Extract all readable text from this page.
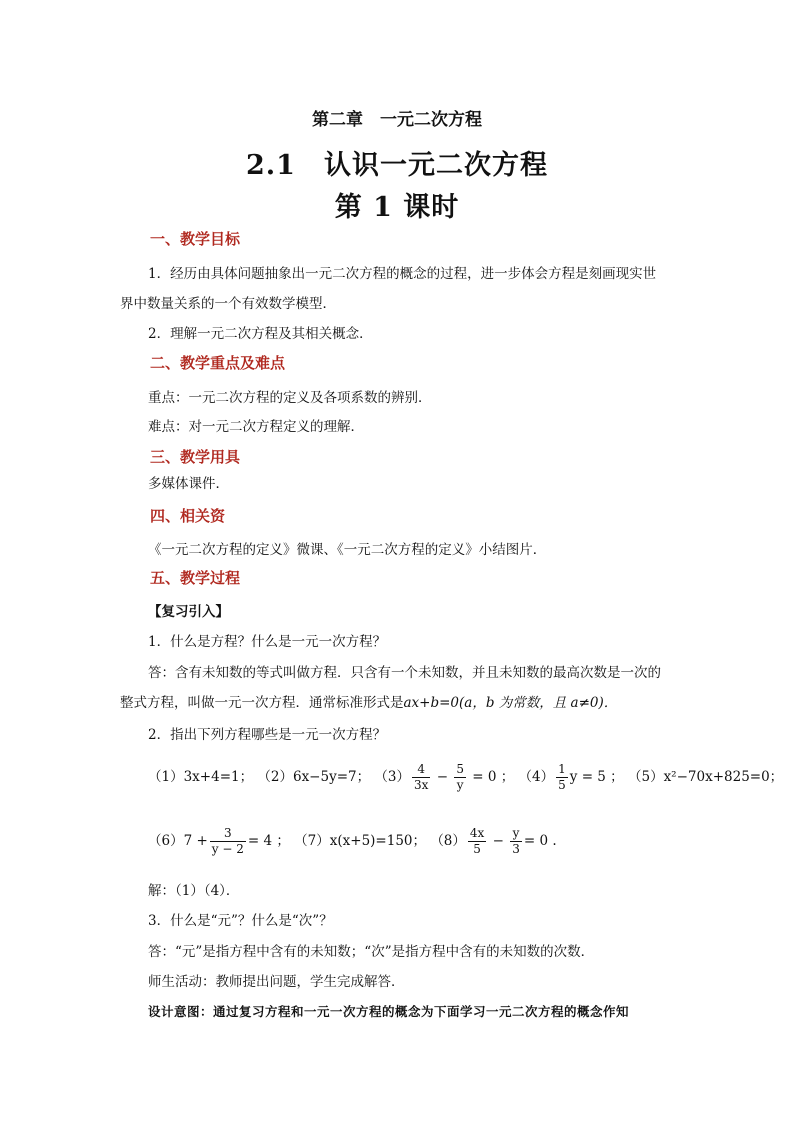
第二章　一元二次方程
2.1　认识一元二次方程
第 1 课时
一、教学目标
1．经历由具体问题抽象出一元二次方程的概念的过程，进一步体会方程是刻画现实世
界中数量关系的一个有效数学模型．
2．理解一元二次方程及其相关概念．
二、教学重点及难点
重点：一元二次方程的定义及各项系数的辨别．
难点：对一元二次方程定义的理解．
三、教学用具
多媒体课件．
四、相关资
《一元二次方程的定义》微课、《一元二次方程的定义》小结图片．
五、教学过程
【复习引入】
1．什么是方程？什么是一元一次方程？
答：含有未知数的等式叫做方程．只含有一个未知数，并且未知数的最高次数是一次的
整式方程，叫做一元一次方程．通常标准形式是ax+b=0(a，b 为常数，且 a≠0)．
2．指出下列方程哪些是一元一次方程？
（1）3x+4=1； （2）6x−5y=7； $(3) \frac{4}{3x} - \frac{5}{y} = 0$ ； $(4) \frac{1}{5}$ y = 5 ； （5）x²−70x+825=0；
$(6)7 + \frac{3}{y - 2} = 4$ ； （7）x(x+5)=150； $(8) \frac{4x}{5} - \frac{y}{3} = 0$ .
解：（1）（4）．
3．什么是“元”？什么是“次”？
答：“元”是指方程中含有的未知数；“次”是指方程中含有的未知数的次数．
师生活动：教师提出问题，学生完成解答．
设计意图：通过复习方程和一元一次方程的概念为下面学习一元二次方程的概念作知
